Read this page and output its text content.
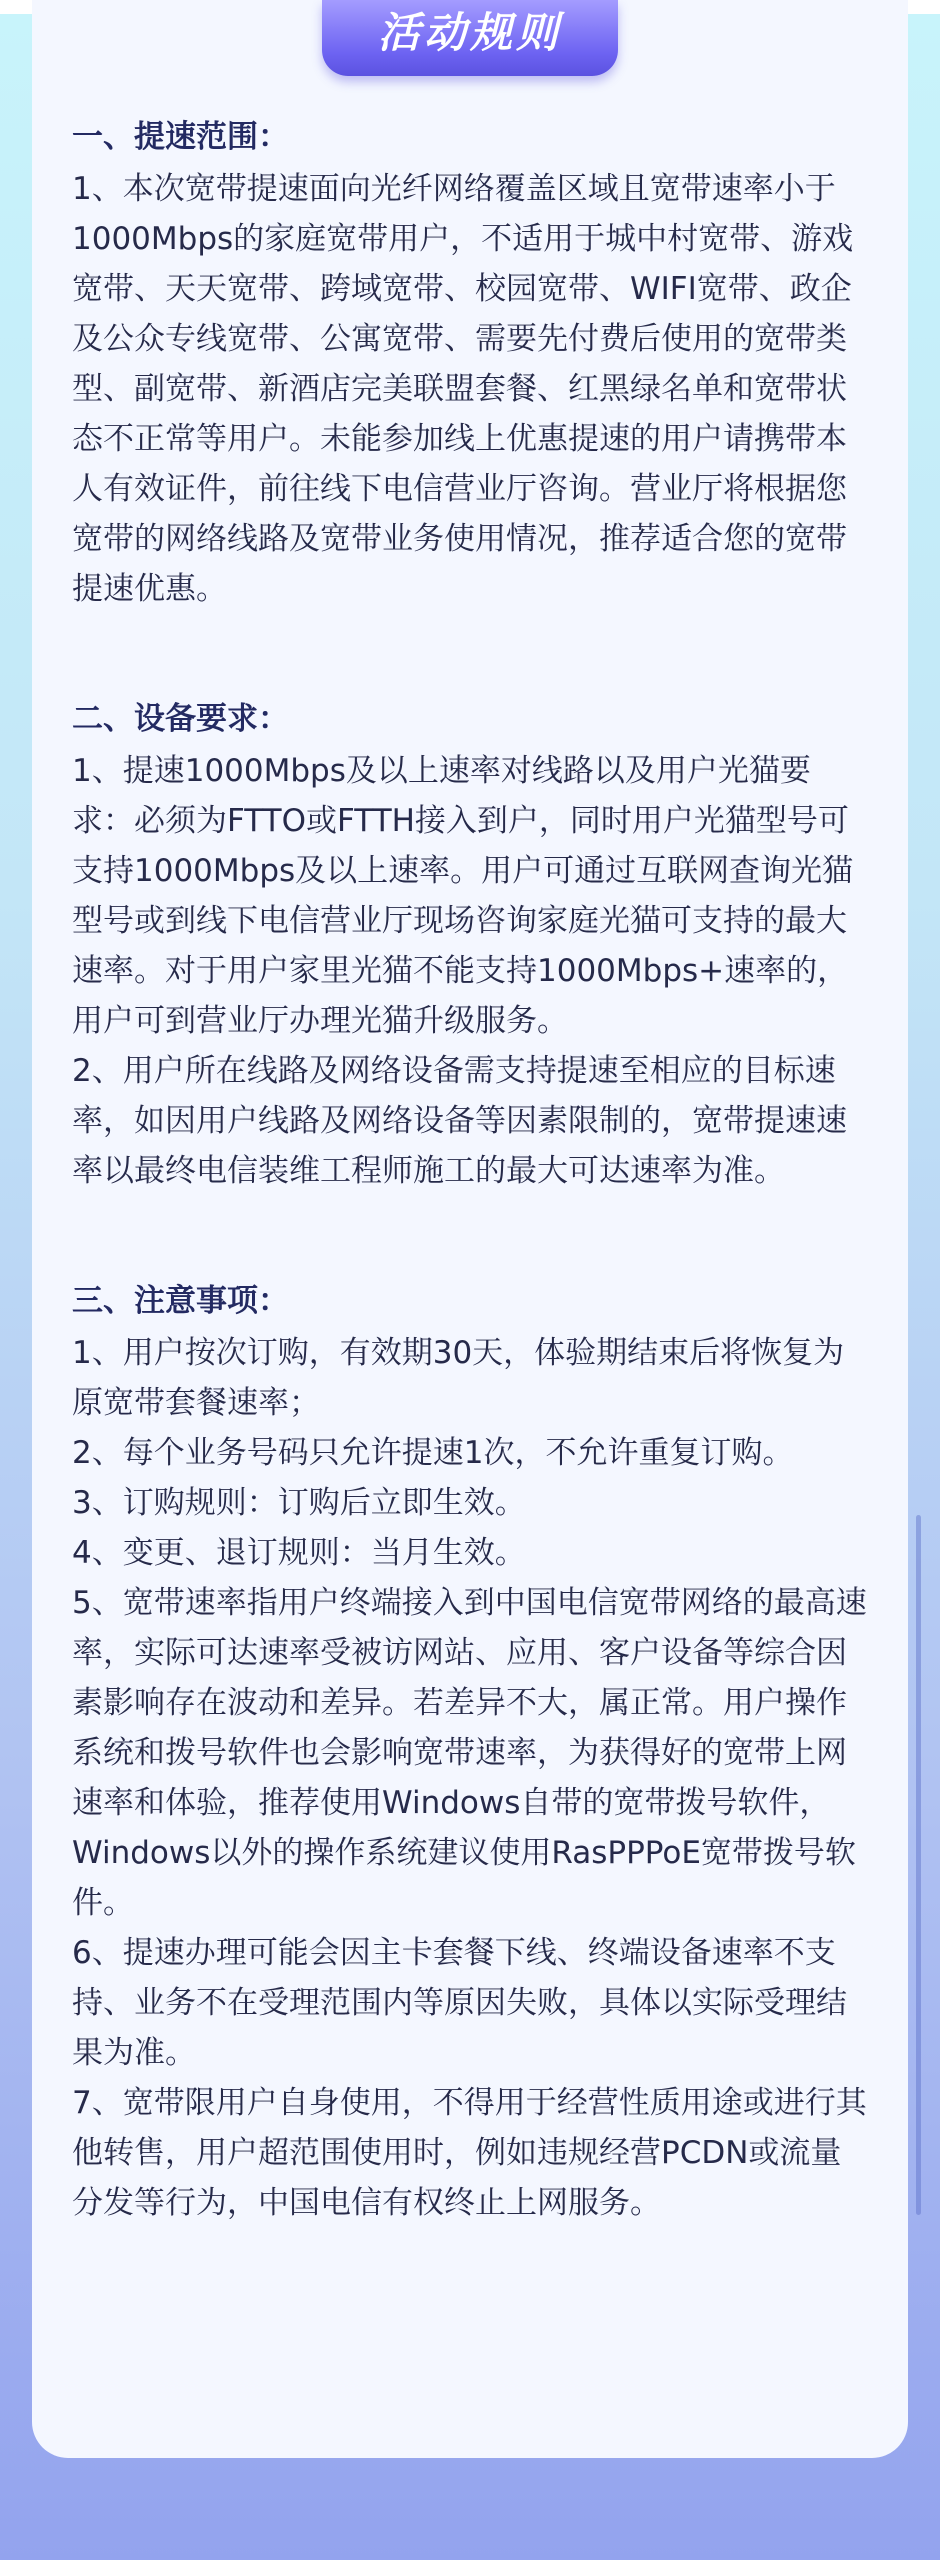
一、提速范围：

1、本次宽带提速面向光纤网络覆盖区域且宽带速率小于1000Mbps的家庭宽带用户，不适用于城中村宽带、游戏宽带、天天宽带、跨域宽带、校园宽带、WIFI宽带、政企及公众专线宽带、公寓宽带、需要先付费后使用的宽带类型、副宽带、新酒店完美联盟套餐、红黑绿名单和宽带状态不正常等用户。未能参加线上优惠提速的用户请携带本人有效证件，前往线下电信营业厅咨询。营业厅将根据您宽带的网络线路及宽带业务使用情况，推荐适合您的宽带提速优惠。

二、设备要求：

1、提速1000Mbps及以上速率对线路以及用户光猫要求：必须为FTTO或FTTH接入到户，同时用户光猫型号可支持1000Mbps及以上速率。用户可通过互联网查询光猫型号或到线下电信营业厅现场咨询家庭光猫可支持的最大速率。对于用户家里光猫不能支持1000Mbps+速率的，用户可到营业厅办理光猫升级服务。

2、用户所在线路及网络设备需支持提速至相应的目标速率，如因用户线路及网络设备等因素限制的，宽带提速速率以最终电信装维工程师施工的最大可达速率为准。

三、注意事项：

1、用户按次订购，有效期30天，体验期结束后将恢复为原宽带套餐速率；

2、每个业务号码只允许提速1次，不允许重复订购。

3、订购规则：订购后立即生效。

4、变更、退订规则：当月生效。

5、宽带速率指用户终端接入到中国电信宽带网络的最高速率，实际可达速率受被访网站、应用、客户设备等综合因素影响存在波动和差异。若差异不大，属正常。用户操作系统和拨号软件也会影响宽带速率，为获得好的宽带上网速率和体验，推荐使用Windows自带的宽带拨号软件，Windows以外的操作系统建议使用RasPPPoE宽带拨号软件。

6、提速办理可能会因主卡套餐下线、终端设备速率不支持、业务不在受理范围内等原因失败，具体以实际受理结果为准。

7、宽带限用户自身使用，不得用于经营性质用途或进行其他转售，用户超范围使用时，例如违规经营PCDN或流量分发等行为，中国电信有权终止上网服务。

活动规则
